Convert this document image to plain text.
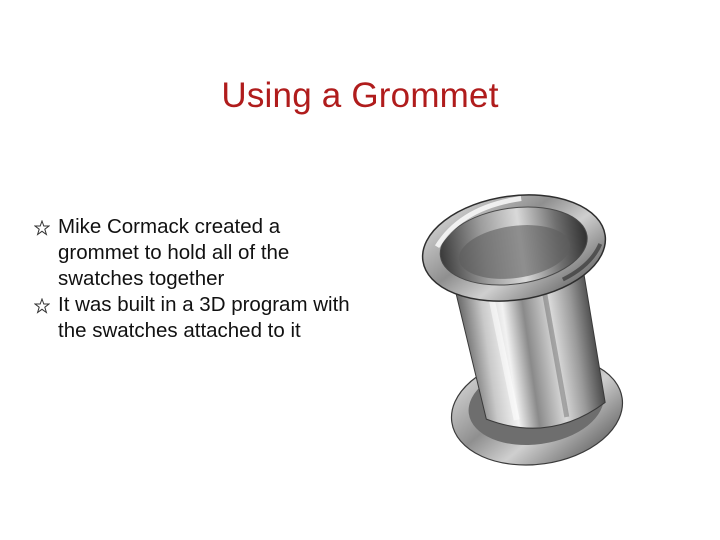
Using a Grommet
Mike Cormack created a grommet to hold all of the swatches together
It was built in a 3D program with the swatches attached to it
